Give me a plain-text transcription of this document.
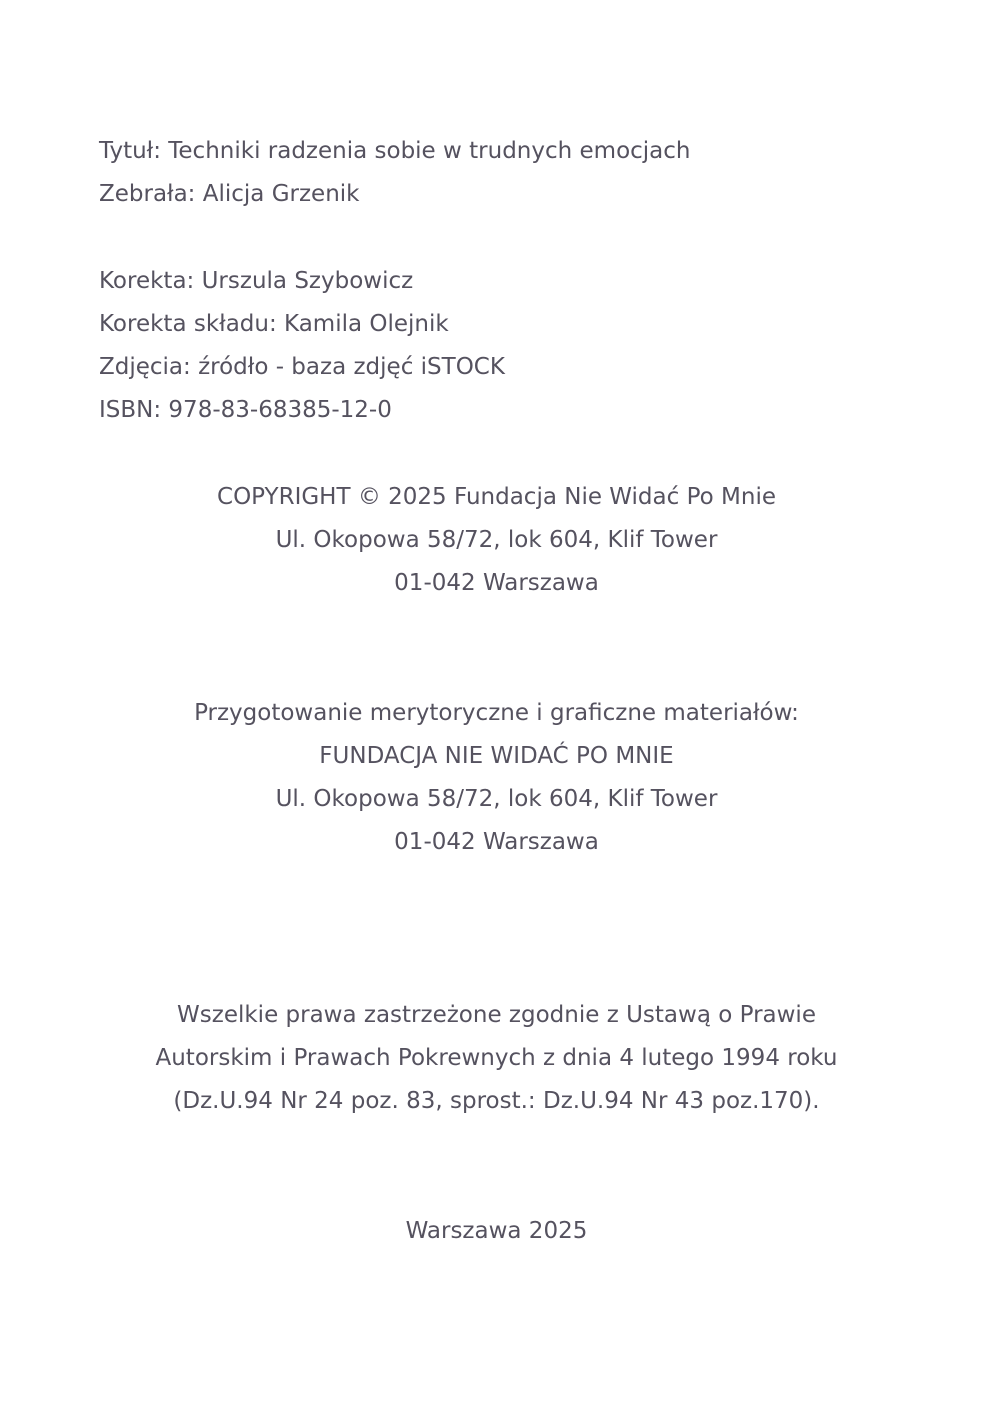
Tytuł: Techniki radzenia sobie w trudnych emocjach
Zebrała: Alicja Grzenik
Korekta: Urszula Szybowicz
Korekta składu: Kamila Olejnik
Zdjęcia: źródło - baza zdjęć iSTOCK
ISBN: 978-83-68385-12-0
COPYRIGHT © 2025 Fundacja Nie Widać Po Mnie
Ul. Okopowa 58/72, lok 604, Klif Tower
01-042 Warszawa
Przygotowanie merytoryczne i graficzne materiałów:
FUNDACJA NIE WIDAĆ PO MNIE
Ul. Okopowa 58/72, lok 604, Klif Tower
01-042 Warszawa
Wszelkie prawa zastrzeżone zgodnie z Ustawą o Prawie
Autorskim i Prawach Pokrewnych z dnia 4 lutego 1994 roku
(Dz.U.94 Nr 24 poz. 83, sprost.: Dz.U.94 Nr 43 poz.170).
Warszawa 2025
